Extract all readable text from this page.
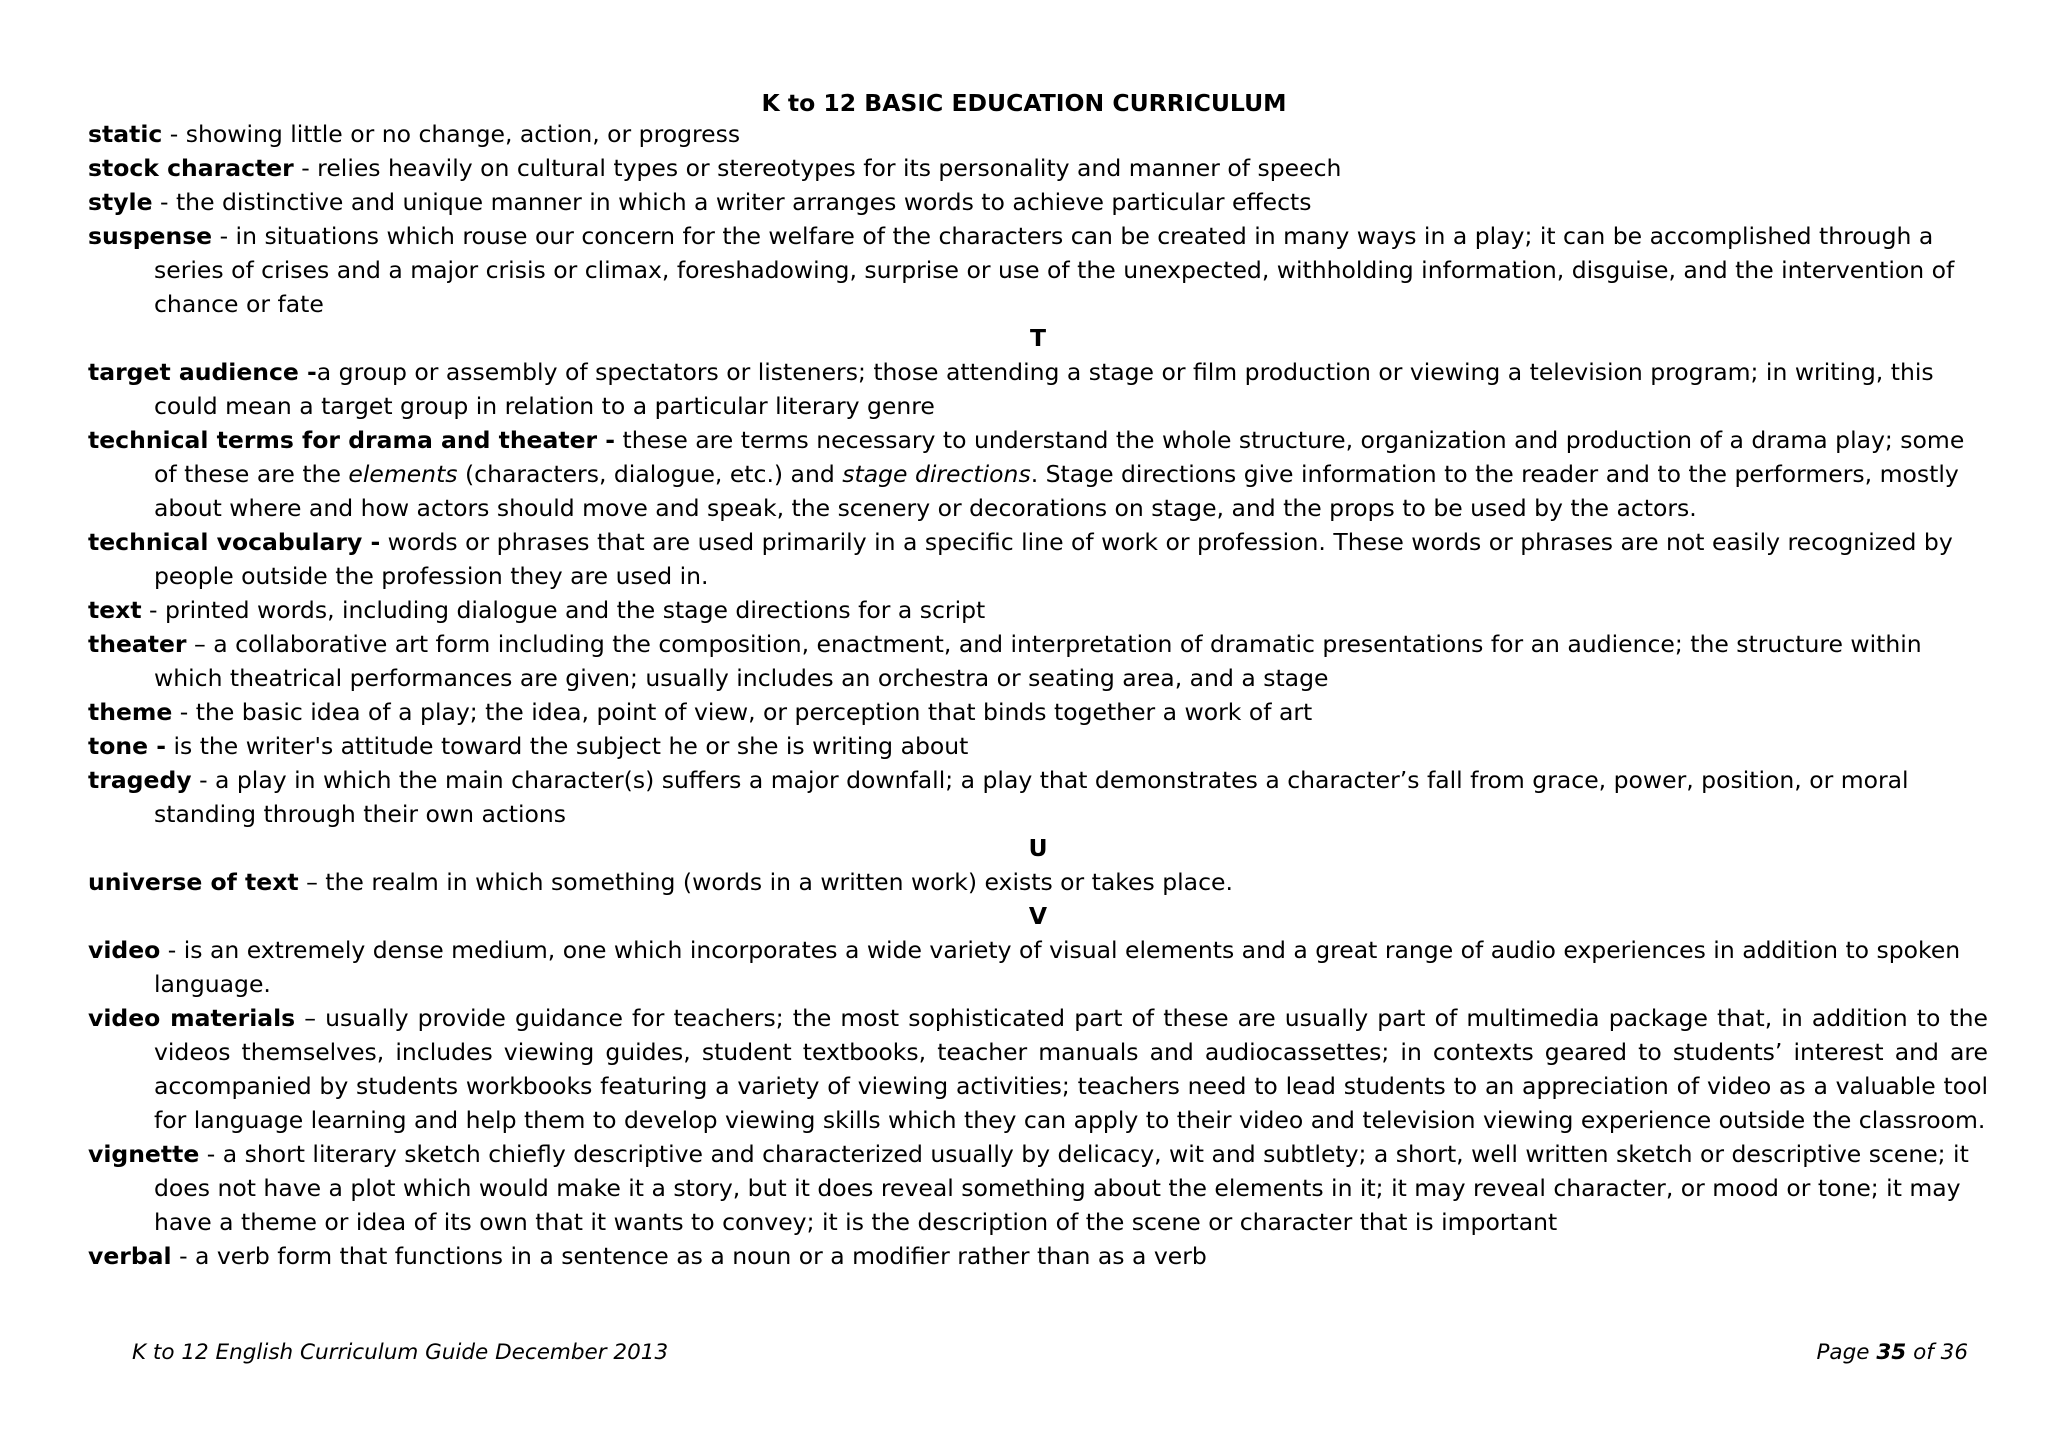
K to 12 BASIC EDUCATION CURRICULUM
static - showing little or no change, action, or progress
stock character - relies heavily on cultural types or stereotypes for its personality and manner of speech
style - the distinctive and unique manner in which a writer arranges words to achieve particular effects
suspense - in situations which rouse our concern for the welfare of the characters can be created in many ways in a play; it can be accomplished through a series of crises and a major crisis or climax, foreshadowing, surprise or use of the unexpected, withholding information, disguise, and the intervention of chance or fate
T
target audience -a group or assembly of spectators or listeners; those attending a stage or film production or viewing a television program; in writing, this could mean a target group in relation to a particular literary genre
technical terms for drama and theater - these are terms necessary to understand the whole structure, organization and production of a drama play; some of these are the elements (characters, dialogue, etc.) and stage directions. Stage directions give information to the reader and to the performers, mostly about where and how actors should move and speak, the scenery or decorations on stage, and the props to be used by the actors.
technical vocabulary - words or phrases that are used primarily in a specific line of work or profession. These words or phrases are not easily recognized by people outside the profession they are used in.
text - printed words, including dialogue and the stage directions for a script
theater – a collaborative art form including the composition, enactment, and interpretation of dramatic presentations for an audience; the structure within which theatrical performances are given; usually includes an orchestra or seating area, and a stage
theme - the basic idea of a play; the idea, point of view, or perception that binds together a work of art
tone - is the writer's attitude toward the subject he or she is writing about
tragedy - a play in which the main character(s) suffers a major downfall; a play that demonstrates a character’s fall from grace, power, position, or moral standing through their own actions
U
universe of text – the realm in which something (words in a written work) exists or takes place.
V
video - is an extremely dense medium, one which incorporates a wide variety of visual elements and a great range of audio experiences in addition to spoken language.
video materials – usually provide guidance for teachers; the most sophisticated part of these are usually part of multimedia package that, in addition to the videos themselves, includes viewing guides, student textbooks, teacher manuals and audiocassettes; in contexts geared to students’ interest and are accompanied by students workbooks featuring a variety of viewing activities; teachers need to lead students to an appreciation of video as a valuable tool for language learning and help them to develop viewing skills which they can apply to their video and television viewing experience outside the classroom.
vignette - a short literary sketch chiefly descriptive and characterized usually by delicacy, wit and subtlety; a short, well written sketch or descriptive scene; it does not have a plot which would make it a story, but it does reveal something about the elements in it; it may reveal character, or mood or tone; it may have a theme or idea of its own that it wants to convey; it is the description of the scene or character that is important
verbal - a verb form that functions in a sentence as a noun or a modifier rather than as a verb
K to 12 English Curriculum Guide December 2013	Page 35 of 36
